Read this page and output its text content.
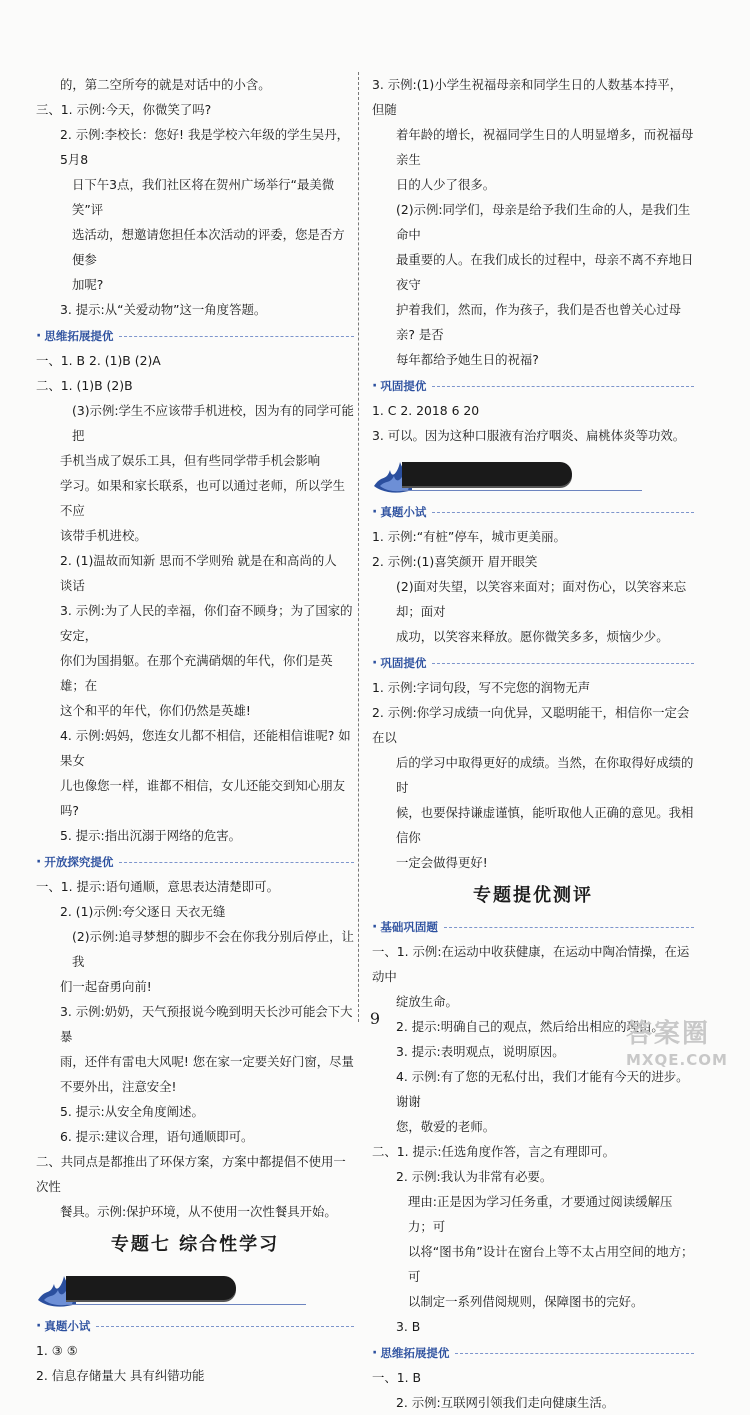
的，第二空所夸的就是对话中的小含。

三、1. 示例:今天，你微笑了吗?

2. 示例:李校长：您好! 我是学校六年级的学生吴丹，5月8

日下午3点，我们社区将在贺州广场举行“最美微笑”评

选活动，想邀请您担任本次活动的评委，您是否方便参

加呢?

3. 提示:从“关爱动物”这一角度答题。

· 思维拓展提优

一、1. B 2. (1)B (2)A

二、1. (1)B (2)B

(3)示例:学生不应该带手机进校，因为有的同学可能把

手机当成了娱乐工具，但有些同学带手机会影响

学习。如果和家长联系，也可以通过老师，所以学生不应

该带手机进校。

2. (1)温故而知新 思而不学则殆 就是在和高尚的人

谈话

3. 示例:为了人民的幸福，你们奋不顾身；为了国家的安定，

你们为国捐躯。在那个充满硝烟的年代，你们是英雄；在

这个和平的年代，你们仍然是英雄!

4. 示例:妈妈，您连女儿都不相信，还能相信谁呢? 如果女

儿也像您一样，谁都不相信，女儿还能交到知心朋友吗?

5. 提示:指出沉溺于网络的危害。

· 开放探究提优

一、1. 提示:语句通顺，意思表达清楚即可。

2. (1)示例:夸父逐日 天衣无缝

(2)示例:追寻梦想的脚步不会在你我分别后停止，让我

们一起奋勇向前!

3. 示例:奶奶，天气预报说今晚到明天长沙可能会下大暴

雨，还伴有雷电大风呢! 您在家一定要关好门窗，尽量

不要外出，注意安全!

5. 提示:从安全角度阐述。

6. 提示:建议合理，语句通顺即可。

二、共同点是都推出了环保方案，方案中都提倡不使用一次性

餐具。示例:保护环境，从不使用一次性餐具开始。

专题七 综合性学习
· 真题小试

1. ③ ⑤

2. 信息存储量大 具有纠错功能

3. 示例:(1)小学生祝福母亲和同学生日的人数基本持平，但随

着年龄的增长，祝福同学生日的人明显增多，而祝福母亲生

日的人少了很多。

(2)示例:同学们，母亲是给予我们生命的人，是我们生命中

最重要的人。在我们成长的过程中，母亲不离不弃地日夜守

护着我们，然而，作为孩子，我们是否也曾关心过母亲? 是否

每年都给予她生日的祝福?

· 巩固提优

1. C 2. 2018 6 20

3. 可以。因为这种口服液有治疗咽炎、扁桃体炎等功效。

· 真题小试

1. 示例:“有桩”停车，城市更美丽。

2. 示例:(1)喜笑颜开 眉开眼笑

(2)面对失望，以笑容来面对；面对伤心，以笑容来忘却；面对

成功，以笑容来释放。愿你微笑多多，烦恼少少。

· 巩固提优

1. 示例:字词句段，写不完您的润物无声

2. 示例:你学习成绩一向优异，又聪明能干，相信你一定会在以

后的学习中取得更好的成绩。当然，在你取得好成绩的时

候，也要保持谦虚谨慎，能听取他人正确的意见。我相信你

一定会做得更好!

专题提优测评
· 基础巩固题

一、1. 示例:在运动中收获健康，在运动中陶冶情操，在运动中

绽放生命。

2. 提示:明确自己的观点，然后给出相应的理由。

3. 提示:表明观点，说明原因。

4. 示例:有了您的无私付出，我们才能有今天的进步。谢谢

您，敬爱的老师。

二、1. 提示:任选角度作答，言之有理即可。

2. 示例:我认为非常有必要。

理由:正是因为学习任务重，才要通过阅读缓解压力；可

以将“图书角”设计在窗台上等不太占用空间的地方；可

以制定一系列借阅规则，保障图书的完好。

3. B

· 思维拓展提优

一、1. B

2. 示例:互联网引领我们走向健康生活。

9
答案圈
MXQE.COM
